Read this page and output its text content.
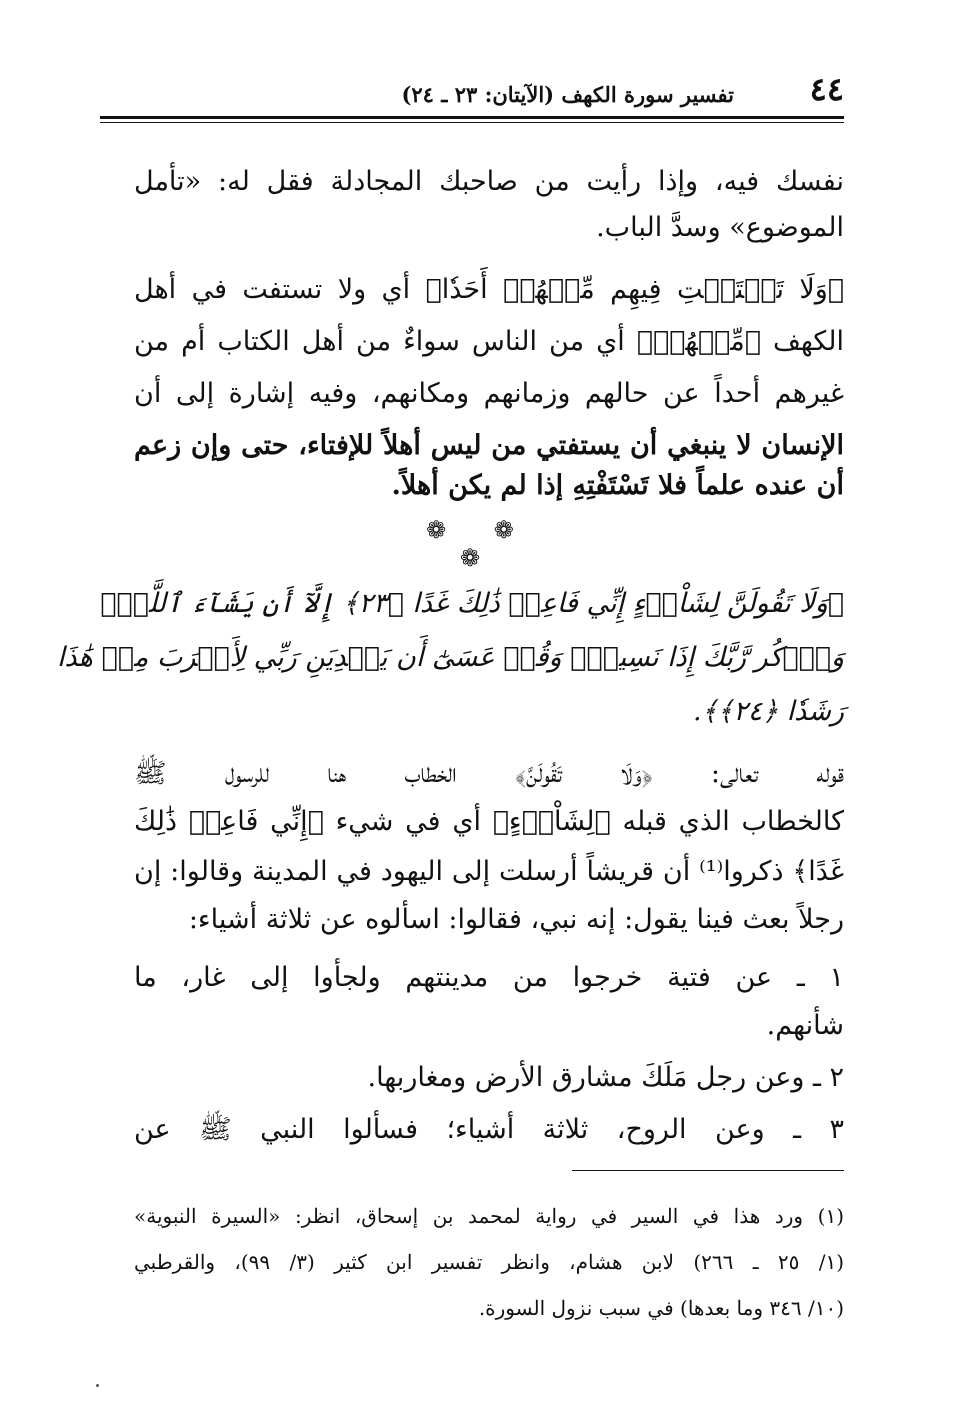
٤٤
تفسير سورة الكهف (الآيتان: ٢٣ ـ ٢٤)
نفسك فيه، وإذا رأيت من صاحبك المجادلة فقل له: «تأمل
الموضوع» وسدَّ الباب.
﴿وَلَا تَسۡتَفۡتِ فِيهِم مِّنۡهُمۡ أَحَدٗا﴾ أي ولا تستفت في أهل
الكهف ﴿مِّنۡهُمۡ﴾ أي من الناس سواءٌ من أهل الكتاب أم من
غيرهم أحداً عن حالهم وزمانهم ومكانهم، وفيه إشارة إلى أن
الإنسان لا ينبغي أن يستفتي من ليس أهلاً للإفتاء، حتى وإن زعم
أن عنده علماً فلا تَسْتَفْتِهِ إذا لم يكن أهلاً.
❁ ❁ ❁
﴿وَلَا تَقُولَنَّ لِشَاْيۡءٍ إِنِّي فَاعِلٞ ذَٰلِكَ غَدًا ﴿٢٣﴾ إِلَّآ أَن يَشَآءَ ٱللَّهُۚ
وَٱذۡكُر رَّبَّكَ إِذَا نَسِيتَۚ وَقُلۡ عَسَىٰٓ أَن يَهۡدِيَنِ رَبِّي لِأَقۡرَبَ مِنۡ هَٰذَا
رَشَدٗا ﴿٢٤﴾﴾.
قوله تعالى: ﴿وَلَا تَقُولَنَّ﴾ الخطاب هنا للرسول ﷺ
كالخطاب الذي قبله ﴿لِشَاْيۡءٍ﴾ أي في شيء ﴿إِنِّي فَاعِلٞ ذَٰلِكَ
غَدًا﴾ ذكروا⁽¹⁾ أن قريشاً أرسلت إلى اليهود في المدينة وقالوا: إن
رجلاً بعث فينا يقول: إنه نبي، فقالوا: اسألوه عن ثلاثة أشياء:
١ ـ عن فتية خرجوا من مدينتهم ولجأوا إلى غار، ما
شأنهم.
٢ ـ وعن رجل مَلَكَ مشارق الأرض ومغاربها.
٣ ـ وعن الروح، ثلاثة أشياء؛ فسألوا النبي ﷺ عن
(١) ورد هذا في السير في رواية لمحمد بن إسحاق، انظر: «السيرة النبوية»
(١/ ٢٥ ـ ٢٦٦) لابن هشام، وانظر تفسير ابن كثير (٣/ ٩٩)، والقرطبي
(١٠/ ٣٤٦ وما بعدها) في سبب نزول السورة.
